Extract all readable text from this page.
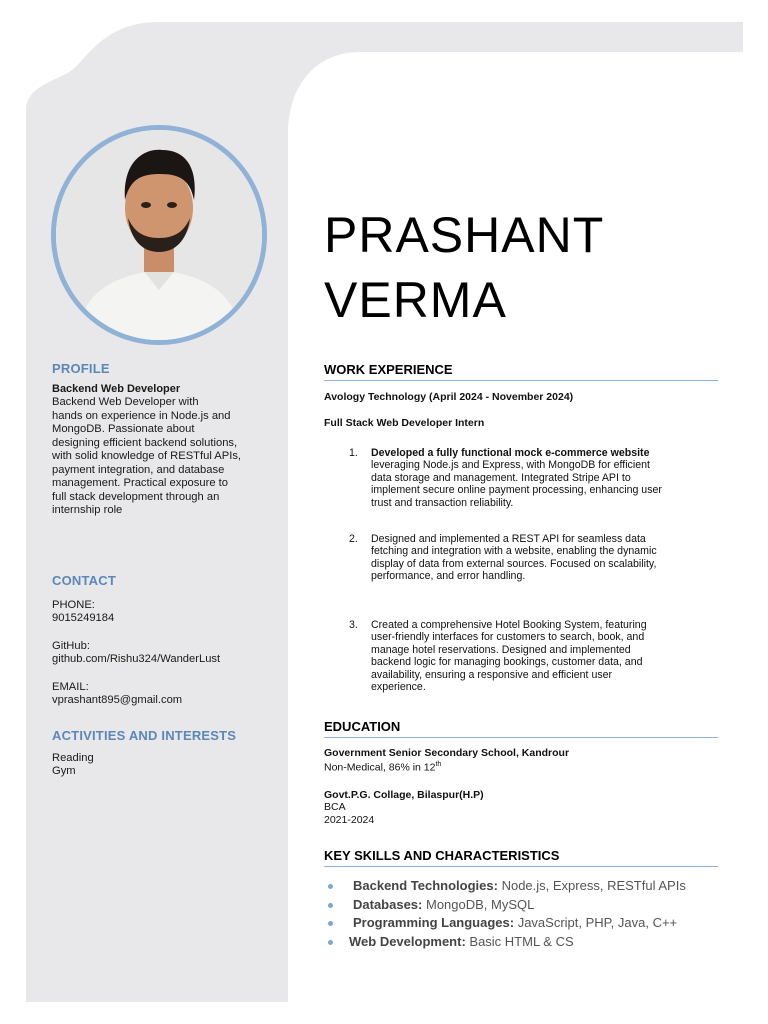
PROFILE
Backend Web Developer
Backend Web Developer with
hands on experience in Node.js and
MongoDB. Passionate about
designing efficient backend solutions,
with solid knowledge of RESTful APIs,
payment integration, and database
management. Practical exposure to
full stack development through an
internship role
CONTACT
PHONE:
9015249184
GitHub:
github.com/Rishu324/WanderLust
EMAIL:
vprashant895@gmail.com
ACTIVITIES AND INTERESTS
Reading
Gym
PRASHANT
VERMA
WORK EXPERIENCE
Avology Technology (April 2024 - November 2024)
Full Stack Web Developer Intern
1.	Developed a fully functional mock e-commerce website
leveraging Node.js and Express, with MongoDB for efficient
data storage and management. Integrated Stripe API to
implement secure online payment processing, enhancing user
trust and transaction reliability.
2.	Designed and implemented a REST API for seamless data
fetching and integration with a website, enabling the dynamic
display of data from external sources. Focused on scalability,
performance, and error handling.
3.	Created a comprehensive Hotel Booking System, featuring
user-friendly interfaces for customers to search, book, and
manage hotel reservations. Designed and implemented
backend logic for managing bookings, customer data, and
availability, ensuring a responsive and efficient user
experience.
EDUCATION
Government Senior Secondary School, Kandrour
Non-Medical, 86% in 12th
Govt.P.G. Collage, Bilaspur(H.P)
BCA
2021-2024
KEY SKILLS AND CHARACTERISTICS
Backend Technologies: Node.js, Express, RESTful APIs
Databases: MongoDB, MySQL
Programming Languages: JavaScript, PHP, Java, C++
Web Development: Basic HTML & CS
